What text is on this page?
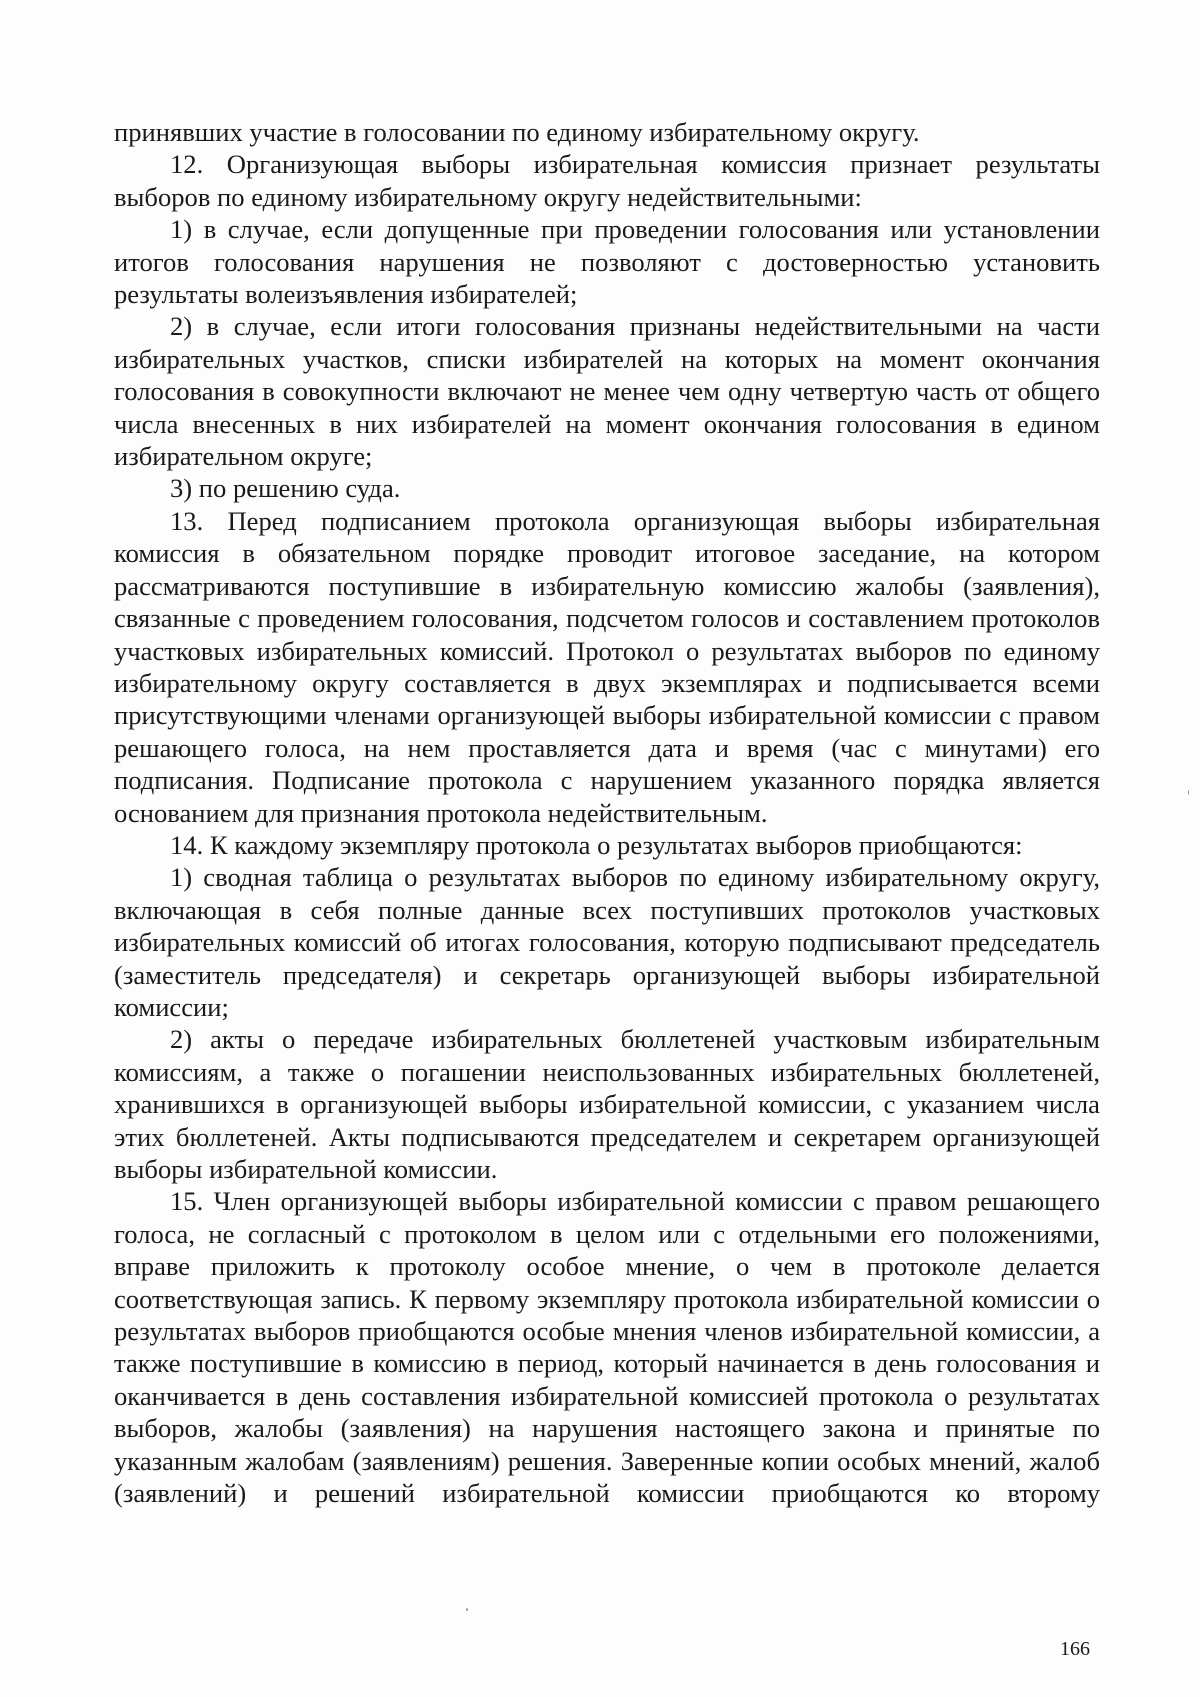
принявших участие в голосовании по единому избирательному округу.

12. Организующая выборы избирательная комиссия признает результаты выборов по единому избирательному округу недействительными:

1) в случае, если допущенные при проведении голосования или установлении итогов голосования нарушения не позволяют с достоверностью установить результаты волеизъявления избирателей;

2) в случае, если итоги голосования признаны недействительными на части избирательных участков, списки избирателей на которых на момент окончания голосования в совокупности включают не менее чем одну четвертую часть от общего числа внесенных в них избирателей на момент окончания голосования в едином избирательном округе;

3) по решению суда.

13. Перед подписанием протокола организующая выборы избирательная комиссия в обязательном порядке проводит итоговое заседание, на котором рассматриваются поступившие в избирательную комиссию жалобы (заявления), связанные с проведением голосования, подсчетом голосов и составлением протоколов участковых избирательных комиссий. Протокол о результатах выборов по единому избирательному округу составляется в двух экземплярах и подписывается всеми присутствующими членами организующей выборы избирательной комиссии с правом решающего голоса, на нем проставляется дата и время (час с минутами) его подписания. Подписание протокола с нарушением указанного порядка является основанием для признания протокола недействительным.

14. К каждому экземпляру протокола о результатах выборов приобщаются:

1) сводная таблица о результатах выборов по единому избирательному округу, включающая в себя полные данные всех поступивших протоколов участковых избирательных комиссий об итогах голосования, которую подписывают председатель (заместитель председателя) и секретарь организующей выборы избирательной комиссии;

2) акты о передаче избирательных бюллетеней участковым избирательным комиссиям, а также о погашении неиспользованных избирательных бюллетеней, хранившихся в организующей выборы избирательной комиссии, с указанием числа этих бюллетеней. Акты подписываются председателем и секретарем организующей выборы избирательной комиссии.

15. Член организующей выборы избирательной комиссии с правом решающего голоса, не согласный с протоколом в целом или с отдельными его положениями, вправе приложить к протоколу особое мнение, о чем в протоколе делается соответствующая запись. К первому экземпляру протокола избирательной комиссии о результатах выборов приобщаются особые мнения членов избирательной комиссии, а также поступившие в комиссию в период, который начинается в день голосования и оканчивается в день составления избирательной комиссией протокола о результатах выборов, жалобы (заявления) на нарушения настоящего закона и принятые по указанным жалобам (заявлениям) решения. Заверенные копии особых мнений, жалоб (заявлений) и решений избирательной комиссии приобщаются ко второму

166
